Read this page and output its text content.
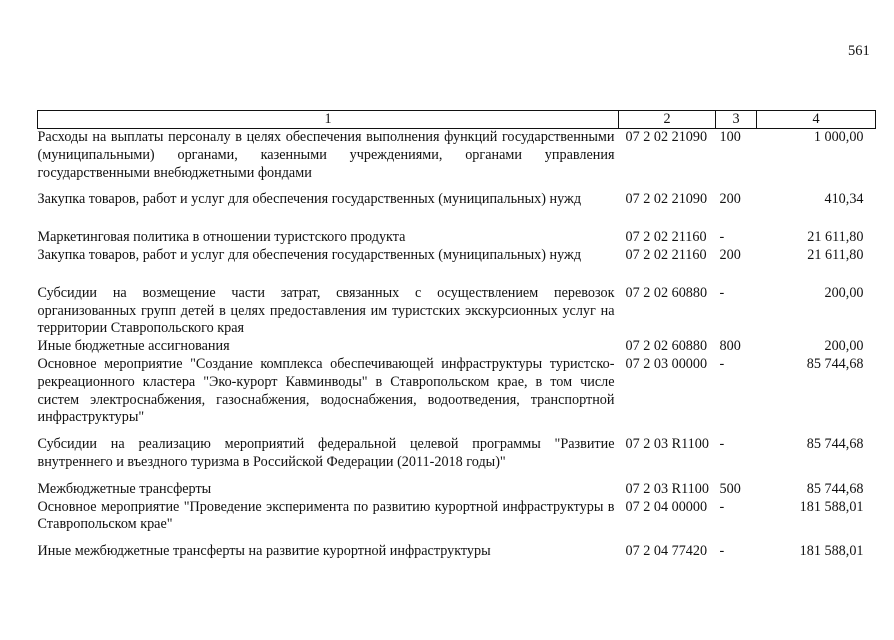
561
1	2	3	4
Расходы на выплаты персоналу в целях обеспечения выполнения функций государственными (муниципальными) органами, казенными учреждениями, органами управления государственными внебюджетными фондами	07 2 02 21090	100	1 000,00
Закупка товаров, работ и услуг для обеспечения государственных (муниципальных) нужд	07 2 02 21090	200	410,34
Маркетинговая политика в отношении туристского продукта	07 2 02 21160	-	21 611,80
Закупка товаров, работ и услуг для обеспечения государственных (муниципальных) нужд	07 2 02 21160	200	21 611,80
Субсидии на возмещение части затрат, связанных с осуществлением перевозок организованных групп детей в целях предоставления им туристских экскурсионных услуг на территории Ставропольского края	07 2 02 60880	-	200,00
Иные бюджетные ассигнования	07 2 02 60880	800	200,00
Основное мероприятие "Создание комплекса обеспечивающей инфраструктуры туристско-рекреационного кластера "Эко-курорт Кавминводы" в Ставропольском крае, в том числе систем электроснабжения, газоснабжения, водоснабжения, водоотведения, транспортной инфраструктуры"	07 2 03 00000	-	85 744,68
Субсидии на реализацию мероприятий федеральной целевой программы "Развитие внутреннего и въездного туризма в Российской Федерации (2011-2018 годы)"	07 2 03 R1100	-	85 744,68
Межбюджетные трансферты	07 2 03 R1100	500	85 744,68
Основное мероприятие "Проведение эксперимента по развитию курортной инфраструктуры в Ставропольском крае"	07 2 04 00000	-	181 588,01
Иные межбюджетные трансферты на развитие курортной инфраструктуры	07 2 04 77420	-	181 588,01
